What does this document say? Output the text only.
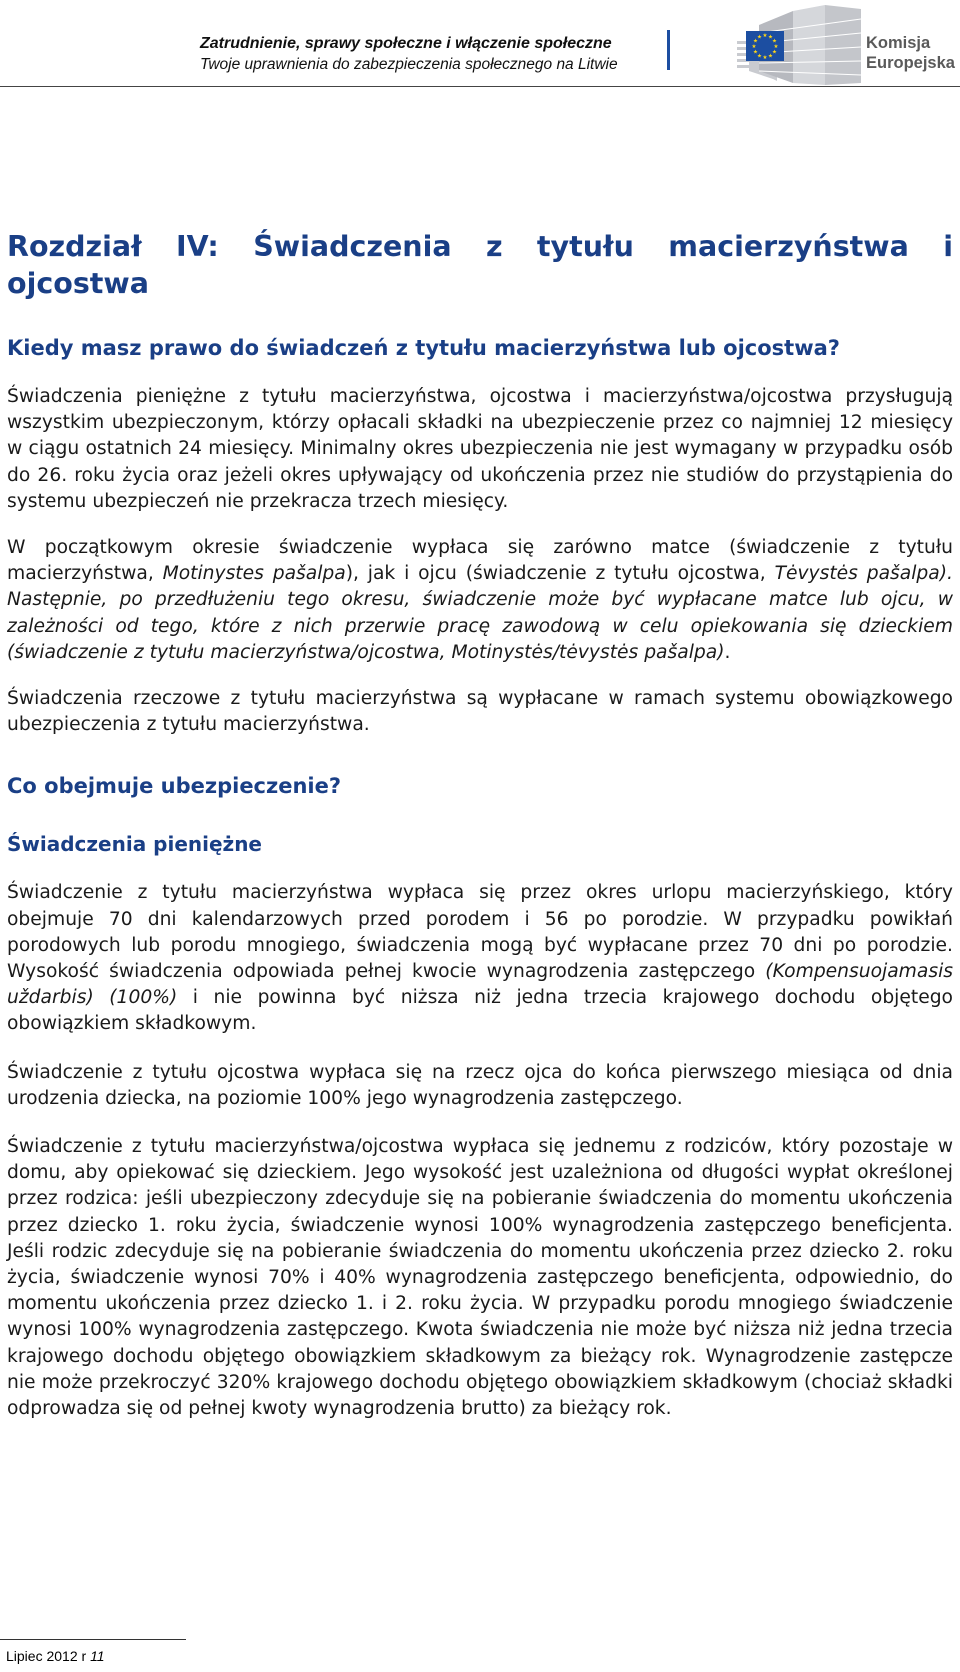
Zatrudnienie, sprawy społeczne i włączenie społeczne
Twoje uprawnienia do zabezpieczenia społecznego na Litwie
★ ★
★
★
★
★
★
★
★
★
★
★	Komisja
Europejska
Rozdział IV: Świadczenia z tytułu macierzyństwa i ojcostwa
Kiedy masz prawo do świadczeń z tytułu macierzyństwa lub ojcostwa?

Świadczenia pieniężne z tytułu macierzyństwa, ojcostwa i macierzyństwa/ojcostwa przysługują wszystkim ubezpieczonym, którzy opłacali składki na ubezpieczenie przez co najmniej 12 miesięcy w ciągu ostatnich 24 miesięcy. Minimalny okres ubezpieczenia nie jest wymagany w przypadku osób do 26. roku życia oraz jeżeli okres upływający od ukończenia przez nie studiów do przystąpienia do systemu ubezpieczeń nie przekracza trzech miesięcy.

W początkowym okresie świadczenie wypłaca się zarówno matce (świadczenie z tytułu macierzyństwa, Motinystes pašalpa), jak i ojcu (świadczenie z tytułu ojcostwa, Tėvystės pašalpa). Następnie, po przedłużeniu tego okresu, świadczenie może być wypłacane matce lub ojcu, w zależności od tego, które z nich przerwie pracę zawodową w celu opiekowania się dzieckiem (świadczenie z tytułu macierzyństwa/ojcostwa, Motinystės/tėvystės pašalpa).

Świadczenia rzeczowe z tytułu macierzyństwa są wypłacane w ramach systemu obowiązkowego ubezpieczenia z tytułu macierzyństwa.

Co obejmuje ubezpieczenie?
Świadczenia pieniężne

Świadczenie z tytułu macierzyństwa wypłaca się przez okres urlopu macierzyńskiego, który obejmuje 70 dni kalendarzowych przed porodem i 56 po porodzie. W przypadku powikłań porodowych lub porodu mnogiego, świadczenia mogą być wypłacane przez 70 dni po porodzie. Wysokość świadczenia odpowiada pełnej kwocie wynagrodzenia zastępczego (Kompensuojamasis uždarbis) (100%) i nie powinna być niższa niż jedna trzecia krajowego dochodu objętego obowiązkiem składkowym.

Świadczenie z tytułu ojcostwa wypłaca się na rzecz ojca do końca pierwszego miesiąca od dnia urodzenia dziecka, na poziomie 100% jego wynagrodzenia zastępczego.

Świadczenie z tytułu macierzyństwa/ojcostwa wypłaca się jednemu z rodziców, który pozostaje w domu, aby opiekować się dzieckiem. Jego wysokość jest uzależniona od długości wypłat określonej przez rodzica: jeśli ubezpieczony zdecyduje się na pobieranie świadczenia do momentu ukończenia przez dziecko 1. roku życia, świadczenie wynosi 100% wynagrodzenia zastępczego beneficjenta. Jeśli rodzic zdecyduje się na pobieranie świadczenia do momentu ukończenia przez dziecko 2. roku życia, świadczenie wynosi 70% i 40% wynagrodzenia zastępczego beneficjenta, odpowiednio, do momentu ukończenia przez dziecko 1. i 2. roku życia. W przypadku porodu mnogiego świadczenie wynosi 100% wynagrodzenia zastępczego. Kwota świadczenia nie może być niższa niż jedna trzecia krajowego dochodu objętego obowiązkiem składkowym za bieżący rok. Wynagrodzenie zastępcze nie może przekroczyć 320% krajowego dochodu objętego obowiązkiem składkowym (chociaż składki odprowadza się od pełnej kwoty wynagrodzenia brutto) za bieżący rok.

Lipiec 2012 r 11
